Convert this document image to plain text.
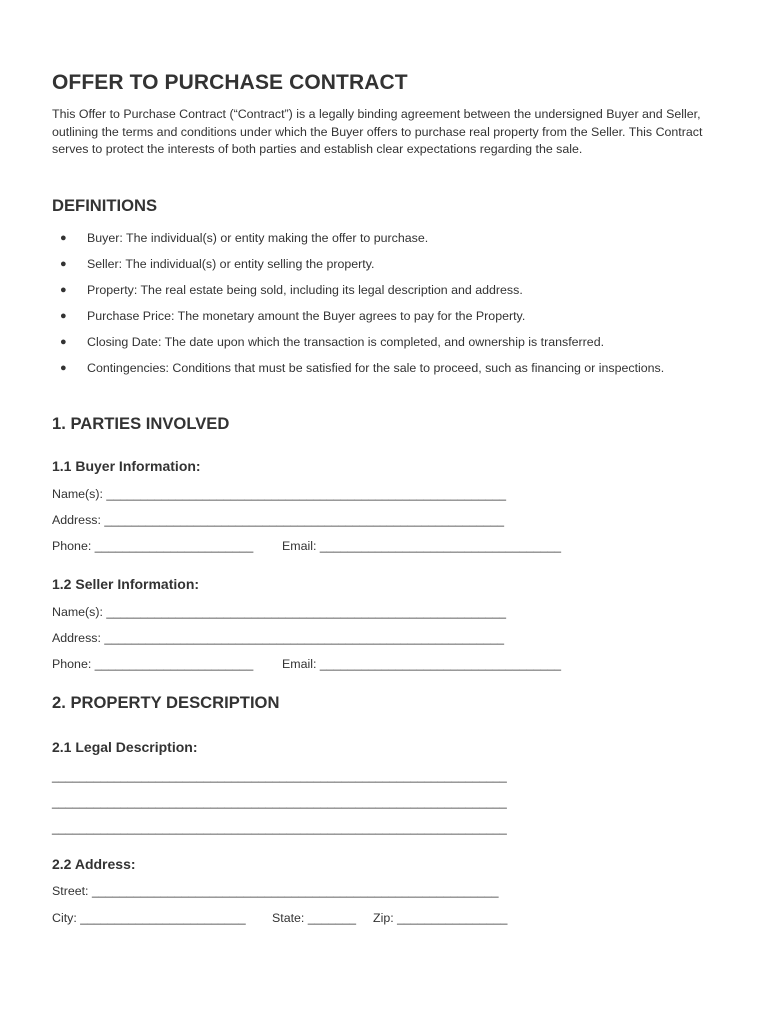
OFFER TO PURCHASE CONTRACT
This Offer to Purchase Contract (“Contract”) is a legally binding agreement between the undersigned Buyer and Seller, outlining the terms and conditions under which the Buyer offers to purchase real property from the Seller. This Contract serves to protect the interests of both parties and establish clear expectations regarding the sale.
DEFINITIONS
● Buyer: The individual(s) or entity making the offer to purchase.
● Seller: The individual(s) or entity selling the property.
● Property: The real estate being sold, including its legal description and address.
● Purchase Price: The monetary amount the Buyer agrees to pay for the Property.
● Closing Date: The date upon which the transaction is completed, and ownership is transferred.
● Contingencies: Conditions that must be satisfied for the sale to proceed, such as financing or inspections.
1. PARTIES INVOLVED
1.1 Buyer Information:
Name(s): __________________________________________________________
Address: __________________________________________________________
Phone: _______________________ Email: ___________________________________
1.2 Seller Information:
Name(s): __________________________________________________________
Address: __________________________________________________________
Phone: _______________________ Email: ___________________________________
2. PROPERTY DESCRIPTION
2.1 Legal Description:
__________________________________________________________________
__________________________________________________________________
__________________________________________________________________
2.2 Address:
Street: ___________________________________________________________
City: ________________________ State: _______ Zip: ________________
